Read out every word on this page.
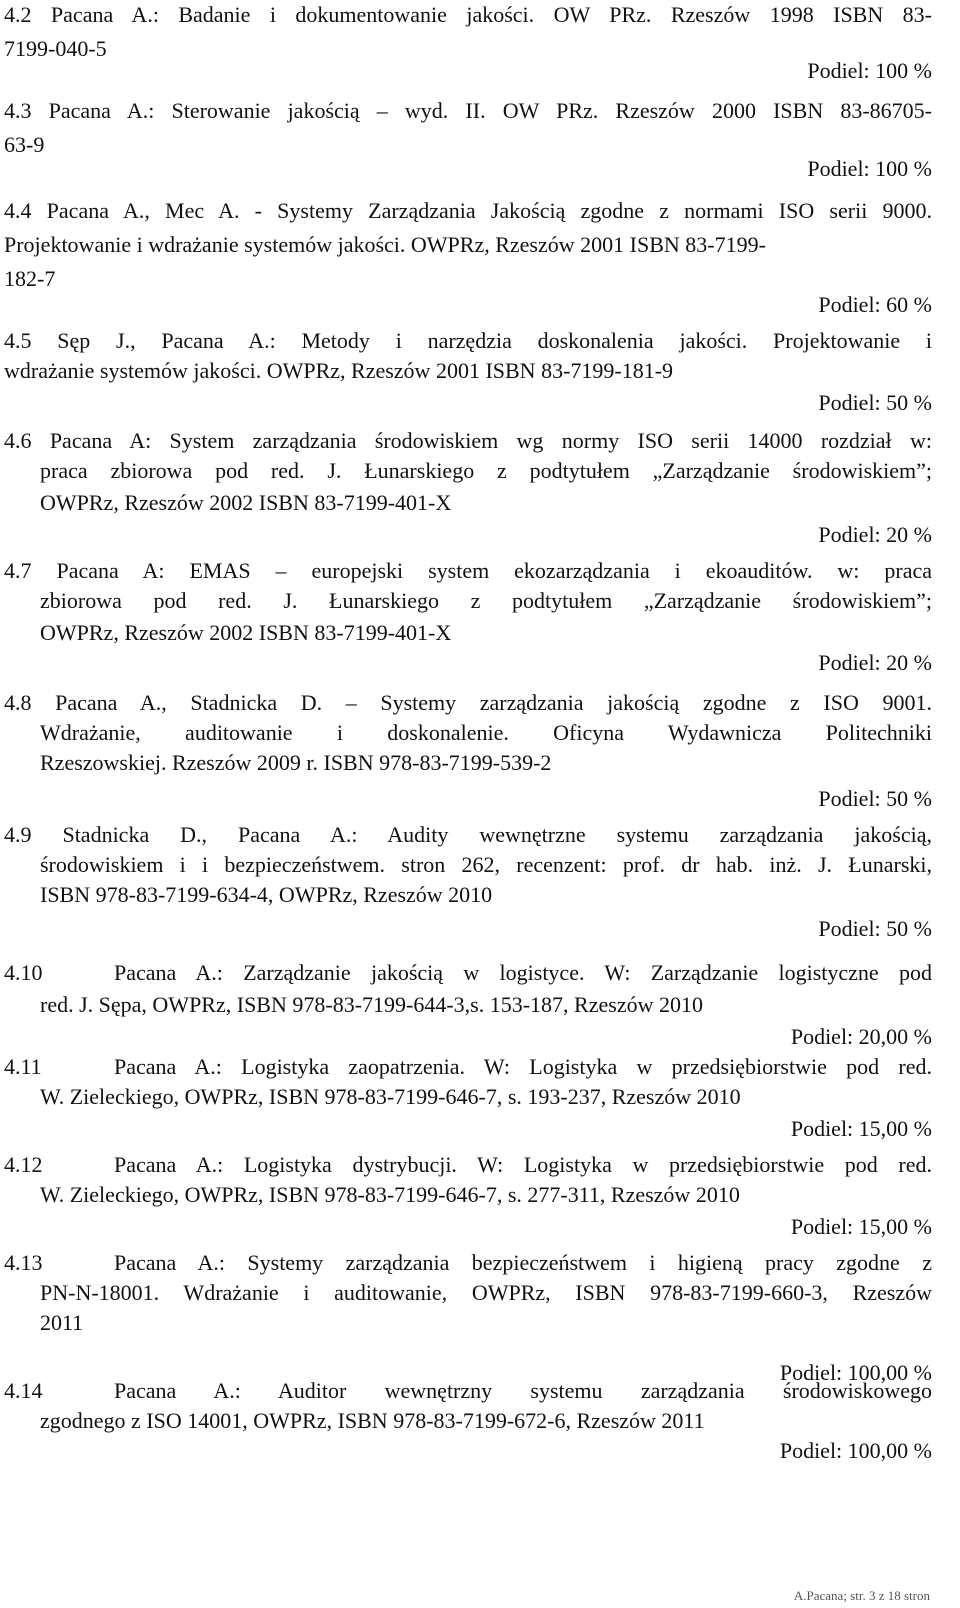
4.2 Pacana A.: Badanie i dokumentowanie jakości. OW PRz. Rzeszów 1998 ISBN 83-
7199-040-5
Podiel: 100 %
4.3 Pacana A.: Sterowanie jakością – wyd. II. OW PRz. Rzeszów 2000 ISBN 83-86705-
63-9
Podiel: 100 %
4.4 Pacana A., Mec A. - Systemy Zarządzania Jakością zgodne z normami ISO serii 9000.
Projektowanie i wdrażanie systemów jakości. OWPRz, Rzeszów 2001 ISBN 83-7199-
182-7
Podiel: 60 %
4.5 Sęp J., Pacana A.: Metody i narzędzia doskonalenia jakości. Projektowanie i
wdrażanie systemów jakości. OWPRz, Rzeszów 2001 ISBN 83-7199-181-9
Podiel: 50 %
4.6 Pacana A: System zarządzania środowiskiem wg normy ISO serii 14000 rozdział w:
praca zbiorowa pod red. J. Łunarskiego z podtytułem „Zarządzanie środowiskiem”;
OWPRz, Rzeszów 2002 ISBN 83-7199-401-X
Podiel: 20 %
4.7 Pacana A: EMAS – europejski system ekozarządzania i ekoauditów. w: praca
zbiorowa pod red. J. Łunarskiego z podtytułem „Zarządzanie środowiskiem”;
OWPRz, Rzeszów 2002 ISBN 83-7199-401-X
Podiel: 20 %
4.8 Pacana A., Stadnicka D. – Systemy zarządzania jakością zgodne z ISO 9001.
Wdrażanie, auditowanie i doskonalenie. Oficyna Wydawnicza Politechniki
Rzeszowskiej. Rzeszów 2009 r. ISBN 978-83-7199-539-2
Podiel: 50 %
4.9 Stadnicka D., Pacana A.: Audity wewnętrzne systemu zarządzania jakością,
środowiskiem i i bezpieczeństwem. stron 262, recenzent: prof. dr hab. inż. J. Łunarski,
ISBN 978-83-7199-634-4, OWPRz, Rzeszów 2010
Podiel: 50 %
4.10	Pacana A.: Zarządzanie jakością w logistyce. W: Zarządzanie logistyczne pod
red. J. Sępa, OWPRz, ISBN 978-83-7199-644-3,s. 153-187, Rzeszów 2010
Podiel: 20,00 %
4.11	Pacana A.: Logistyka zaopatrzenia. W: Logistyka w przedsiębiorstwie pod red.
W. Zieleckiego, OWPRz, ISBN 978-83-7199-646-7, s. 193-237, Rzeszów 2010
Podiel: 15,00 %
4.12	Pacana A.: Logistyka dystrybucji. W: Logistyka w przedsiębiorstwie pod red.
W. Zieleckiego, OWPRz, ISBN 978-83-7199-646-7, s. 277-311, Rzeszów 2010
Podiel: 15,00 %
4.13	Pacana A.: Systemy zarządzania bezpieczeństwem i higieną pracy zgodne z
PN-N-18001. Wdrażanie i auditowanie, OWPRz, ISBN 978-83-7199-660-3, Rzeszów
2011
Podiel: 100,00 %
4.14	Pacana A.: Auditor wewnętrzny systemu zarządzania środowiskowego
zgodnego z ISO 14001, OWPRz, ISBN 978-83-7199-672-6, Rzeszów 2011
Podiel: 100,00 %
A.Pacana; str. 3 z 18 stron
